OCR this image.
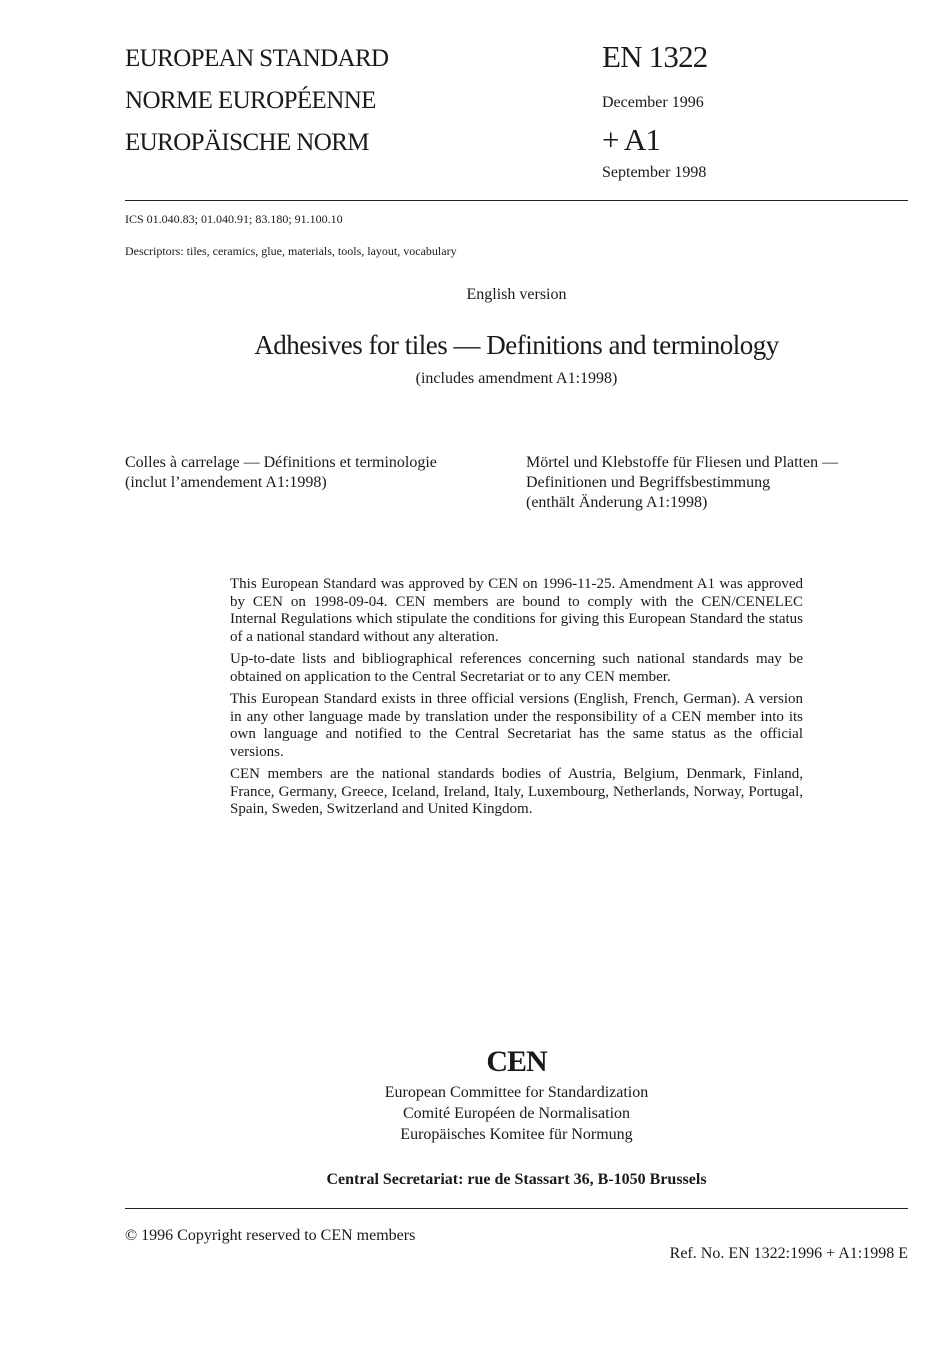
EUROPEAN STANDARD
NORME EUROPÉENNE
EUROPÄISCHE NORM
EN 1322
December 1996
+ A1
September 1998
ICS 01.040.83; 01.040.91; 83.180; 91.100.10
Descriptors: tiles, ceramics, glue, materials, tools, layout, vocabulary
English version
Adhesives for tiles — Definitions and terminology
(includes amendment A1:1998)
Colles à carrelage — Définitions et terminologie
(inclut l’amendement A1:1998)
Mörtel und Klebstoffe für Fliesen und Platten —
Definitionen und Begriffsbestimmung
(enthält Änderung A1:1998)

This European Standard was approved by CEN on 1996-11-25. Amendment A1 was approved by CEN on 1998-09-04. CEN members are bound to comply with the CEN/CENELEC Internal Regulations which stipulate the conditions for giving this European Standard the status of a national standard without any alteration.

Up-to-date lists and bibliographical references concerning such national standards may be obtained on application to the Central Secretariat or to any CEN member.

This European Standard exists in three official versions (English, French, German). A version in any other language made by translation under the responsibility of a CEN member into its own language and notified to the Central Secretariat has the same status as the official versions.

CEN members are the national standards bodies of Austria, Belgium, Denmark, Finland, France, Germany, Greece, Iceland, Ireland, Italy, Luxembourg, Netherlands, Norway, Portugal, Spain, Sweden, Switzerland and United Kingdom.

CEN
European Committee for Standardization
Comité Européen de Normalisation
Europäisches Komitee für Normung
Central Secretariat: rue de Stassart 36, B-1050 Brussels
© 1996 Copyright reserved to CEN members
Ref. No. EN 1322:1996 + A1:1998 E
